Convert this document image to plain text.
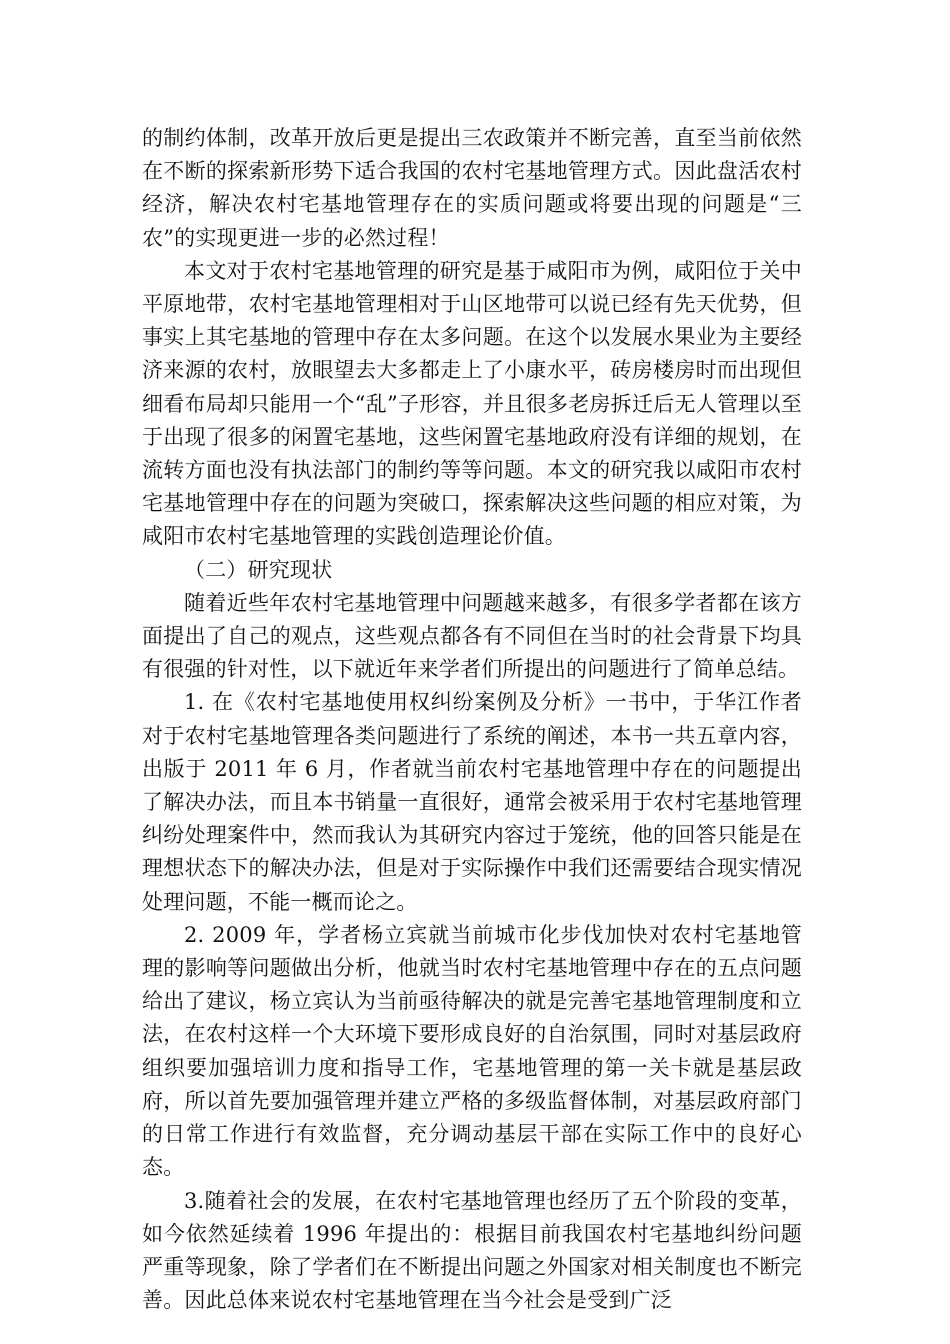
的制约体制，改革开放后更是提出三农政策并不断完善，直至当前依然在不断的探索新形势下适合我国的农村宅基地管理方式。因此盘活农村经济，解决农村宅基地管理存在的实质问题或将要出现的问题是“三农”的实现更进一步的必然过程！

本文对于农村宅基地管理的研究是基于咸阳市为例，咸阳位于关中平原地带，农村宅基地管理相对于山区地带可以说已经有先天优势，但事实上其宅基地的管理中存在太多问题。在这个以发展水果业为主要经济来源的农村，放眼望去大多都走上了小康水平，砖房楼房时而出现但细看布局却只能用一个“乱”子形容，并且很多老房拆迁后无人管理以至于出现了很多的闲置宅基地，这些闲置宅基地政府没有详细的规划，在流转方面也没有执法部门的制约等等问题。本文的研究我以咸阳市农村宅基地管理中存在的问题为突破口，探索解决这些问题的相应对策，为咸阳市农村宅基地管理的实践创造理论价值。

（二）研究现状

随着近些年农村宅基地管理中问题越来越多，有很多学者都在该方面提出了自己的观点，这些观点都各有不同但在当时的社会背景下均具有很强的针对性，以下就近年来学者们所提出的问题进行了简单总结。

1. 在《农村宅基地使用权纠纷案例及分析》一书中，于华江作者对于农村宅基地管理各类问题进行了系统的阐述，本书一共五章内容，出版于 2011 年 6 月，作者就当前农村宅基地管理中存在的问题提出了解决办法，而且本书销量一直很好，通常会被采用于农村宅基地管理纠纷处理案件中，然而我认为其研究内容过于笼统，他的回答只能是在理想状态下的解决办法，但是对于实际操作中我们还需要结合现实情况处理问题，不能一概而论之。

2. 2009 年，学者杨立宾就当前城市化步伐加快对农村宅基地管理的影响等问题做出分析，他就当时农村宅基地管理中存在的五点问题给出了建议，杨立宾认为当前亟待解决的就是完善宅基地管理制度和立法，在农村这样一个大环境下要形成良好的自治氛围，同时对基层政府组织要加强培训力度和指导工作，宅基地管理的第一关卡就是基层政府，所以首先要加强管理并建立严格的多级监督体制，对基层政府部门的日常工作进行有效监督，充分调动基层干部在实际工作中的良好心态。

3.随着社会的发展，在农村宅基地管理也经历了五个阶段的变革，如今依然延续着 1996 年提出的：根据目前我国农村宅基地纠纷问题严重等现象，除了学者们在不断提出问题之外国家对相关制度也不断完善。因此总体来说农村宅基地管理在当今社会是受到广泛
